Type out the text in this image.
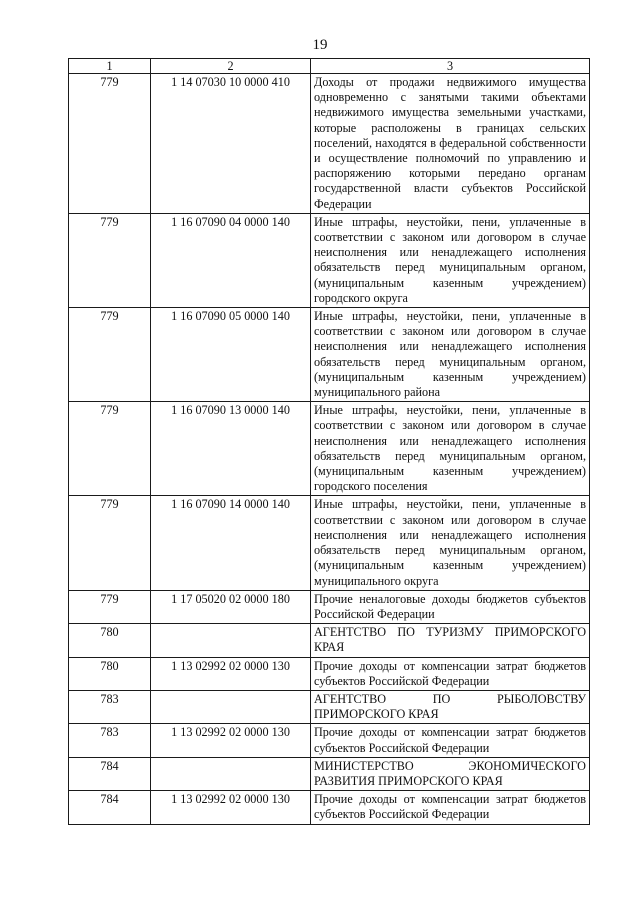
19
1	2	3
779	1 14 07030 10 0000 410	Доходы от продажи недвижимого имущества одновременно с занятыми такими объектами недвижимого имущества земельными участками, которые расположены в границах сельских поселений, находятся в федеральной собственности и осуществление полномочий по управлению и распоряжению которыми передано органам государственной власти субъектов Российской Федерации
779	1 16 07090 04 0000 140	Иные штрафы, неустойки, пени, уплаченные в соответствии с законом или договором в случае неисполнения или ненадлежащего исполнения обязательств перед муниципальным органом, (муниципальным казенным учреждением) городского округа
779	1 16 07090 05 0000 140	Иные штрафы, неустойки, пени, уплаченные в соответствии с законом или договором в случае неисполнения или ненадлежащего исполнения обязательств перед муниципальным органом, (муниципальным казенным учреждением) муниципального района
779	1 16 07090 13 0000 140	Иные штрафы, неустойки, пени, уплаченные в соответствии с законом или договором в случае неисполнения или ненадлежащего исполнения обязательств перед муниципальным органом, (муниципальным казенным учреждением) городского поселения
779	1 16 07090 14 0000 140	Иные штрафы, неустойки, пени, уплаченные в соответствии с законом или договором в случае неисполнения или ненадлежащего исполнения обязательств перед муниципальным органом, (муниципальным казенным учреждением) муниципального округа
779	1 17 05020 02 0000 180	Прочие неналоговые доходы бюджетов субъектов Российской Федерации
780		АГЕНТСТВО ПО ТУРИЗМУ ПРИМОРСКОГО КРАЯ
780	1 13 02992 02 0000 130	Прочие доходы от компенсации затрат бюджетов субъектов Российской Федерации
783		АГЕНТСТВО ПО РЫБОЛОВСТВУ ПРИМОРСКОГО КРАЯ
783	1 13 02992 02 0000 130	Прочие доходы от компенсации затрат бюджетов субъектов Российской Федерации
784		МИНИСТЕРСТВО ЭКОНОМИЧЕСКОГО РАЗВИТИЯ ПРИМОРСКОГО КРАЯ
784	1 13 02992 02 0000 130	Прочие доходы от компенсации затрат бюджетов субъектов Российской Федерации
